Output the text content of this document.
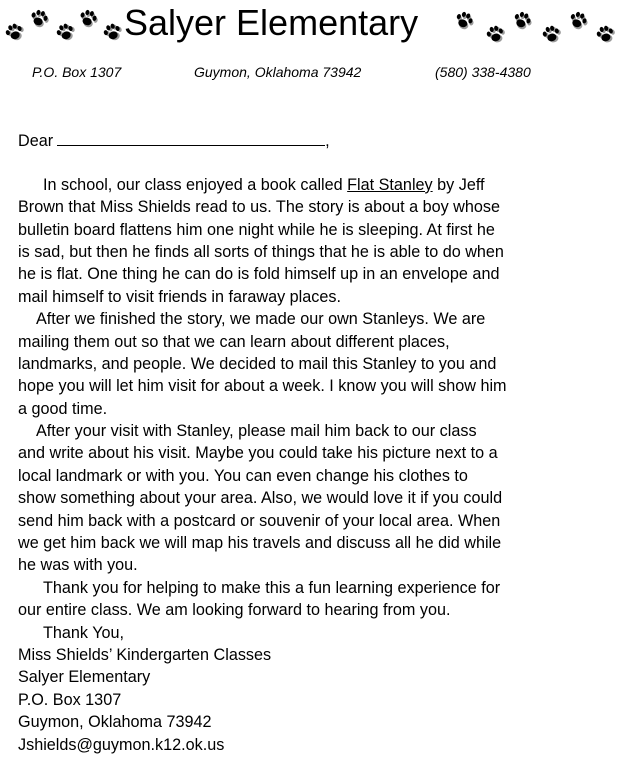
Salyer Elementary
P.O. Box 1307	Guymon, Oklahoma 73942	(580) 338-4380
Dear	,
In school, our class enjoyed a book called Flat Stanley by Jeff
Brown that Miss Shields read to us. The story is about a boy whose
bulletin board flattens him one night while he is sleeping. At first he
is sad, but then he finds all sorts of things that he is able to do when
he is flat. One thing he can do is fold himself up in an envelope and
mail himself to visit friends in faraway places.
After we finished the story, we made our own Stanleys. We are
mailing them out so that we can learn about different places,
landmarks, and people. We decided to mail this Stanley to you and
hope you will let him visit for about a week. I know you will show him
a good time.
After your visit with Stanley, please mail him back to our class
and write about his visit. Maybe you could take his picture next to a
local landmark or with you. You can even change his clothes to
show something about your area. Also, we would love it if you could
send him back with a postcard or souvenir of your local area. When
we get him back we will map his travels and discuss all he did while
he was with you.
Thank you for helping to make this a fun learning experience for
our entire class. We am looking forward to hearing from you.
Thank You,
Miss Shields’ Kindergarten Classes
Salyer Elementary
P.O. Box 1307
Guymon, Oklahoma 73942
Jshields@guymon.k12.ok.us
